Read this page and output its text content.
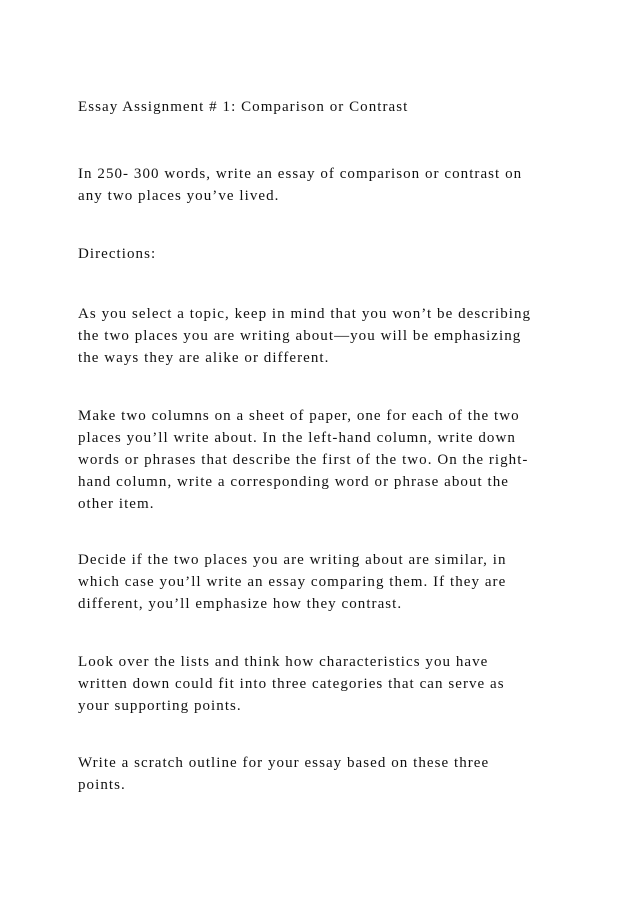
Essay Assignment # 1: Comparison or Contrast

In 250- 300 words, write an essay of comparison or contrast on
any two places you’ve lived.

Directions:

As you select a topic, keep in mind that you won’t be describing
the two places you are writing about—you will be emphasizing
the ways they are alike or different.

Make two columns on a sheet of paper, one for each of the two
places you’ll write about. In the left-hand column, write down
words or phrases that describe the first of the two. On the right-
hand column, write a corresponding word or phrase about the
other item.

Decide if the two places you are writing about are similar, in
which case you’ll write an essay comparing them. If they are
different, you’ll emphasize how they contrast.

Look over the lists and think how characteristics you have
written down could fit into three categories that can serve as
your supporting points.

Write a scratch outline for your essay based on these three
points.
